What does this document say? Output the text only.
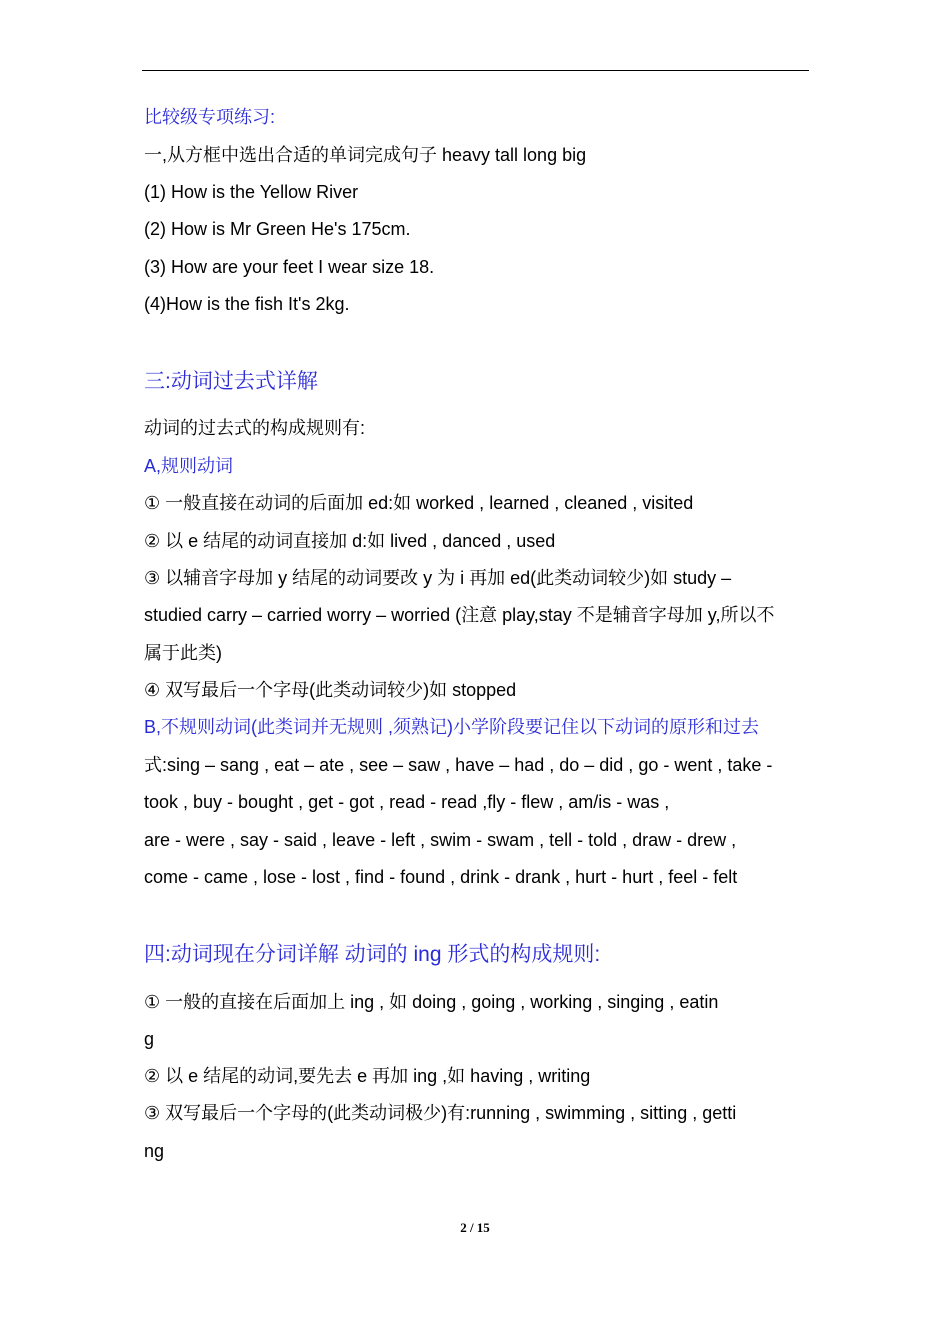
比较级专项练习:
一,从方框中选出合适的单词完成句子 heavy tall long big
(1) How is the Yellow River
(2) How is Mr Green He's 175cm.
(3) How are your feet I wear size 18.
(4)How is the fish It's 2kg.
三:动词过去式详解
动词的过去式的构成规则有:
A,规则动词
① 一般直接在动词的后面加 ed:如 worked , learned , cleaned , visited
② 以 e 结尾的动词直接加 d:如 lived , danced , used
③ 以辅音字母加 y 结尾的动词要改 y 为 i 再加 ed(此类动词较少)如 study –
studied carry – carried worry – worried (注意 play,stay 不是辅音字母加 y,所以不
属于此类)
④ 双写最后一个字母(此类动词较少)如 stopped
B,不规则动词(此类词并无规则 ,须熟记)小学阶段要记住以下动词的原形和过去
式:sing – sang , eat – ate , see – saw , have – had , do – did , go - went , take -
took , buy - bought , get - got , read - read ,fly - flew , am/is - was ,
are - were , say - said , leave - left , swim - swam , tell - told , draw - drew ,
come - came , lose - lost , find - found , drink - drank , hurt - hurt , feel - felt
四:动词现在分词详解 动词的 ing 形式的构成规则:
① 一般的直接在后面加上 ing , 如 doing , going , working , singing , eatin
g
② 以 e 结尾的动词,要先去 e 再加 ing ,如 having , writing
③ 双写最后一个字母的(此类动词极少)有:running , swimming , sitting , getti
ng
2 / 15
